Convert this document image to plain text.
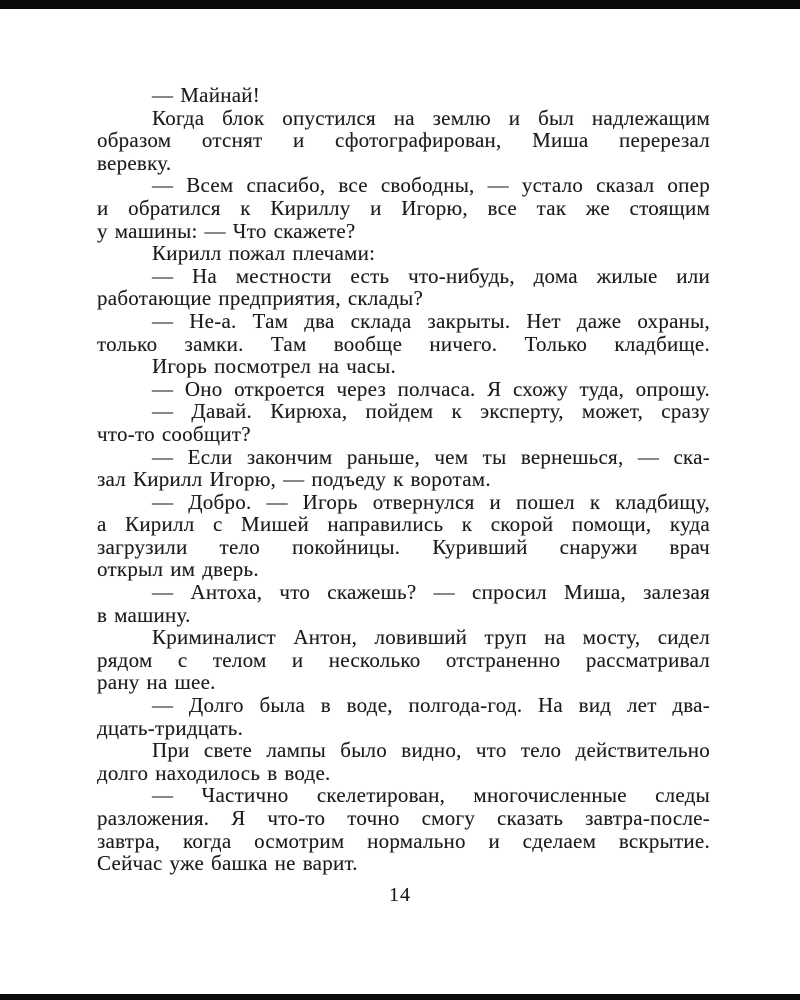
— Майнай!
Когда блок опустился на землю и был надлежащим
образом отснят и сфотографирован, Миша перерезал
веревку.
— Всем спасибо, все свободны, — устало сказал опер
и обратился к Кириллу и Игорю, все так же стоящим
у машины: — Что скажете?
Кирилл пожал плечами:
— На местности есть что-нибудь, дома жилые или
работающие предприятия, склады?
— Не-а. Там два склада закрыты. Нет даже охраны,
только замки. Там вообще ничего. Только кладбище.
Игорь посмотрел на часы.
— Оно откроется через полчаса. Я схожу туда, опрошу.
— Давай. Кирюха, пойдем к эксперту, может, сразу
что-то сообщит?
— Если закончим раньше, чем ты вернешься, — ска-
зал Кирилл Игорю, — подъеду к воротам.
— Добро. — Игорь отвернулся и пошел к кладбищу,
а Кирилл с Мишей направились к скорой помощи, куда
загрузили тело покойницы. Куривший снаружи врач
открыл им дверь.
— Антоха, что скажешь? — спросил Миша, залезая
в машину.
Криминалист Антон, ловивший труп на мосту, сидел
рядом с телом и несколько отстраненно рассматривал
рану на шее.
— Долго была в воде, полгода-год. На вид лет два-
дцать-тридцать.
При свете лампы было видно, что тело действительно
долго находилось в воде.
— Частично скелетирован, многочисленные следы
разложения. Я что-то точно смогу сказать завтра-после-
завтра, когда осмотрим нормально и сделаем вскрытие.
Сейчас уже башка не варит.
14
